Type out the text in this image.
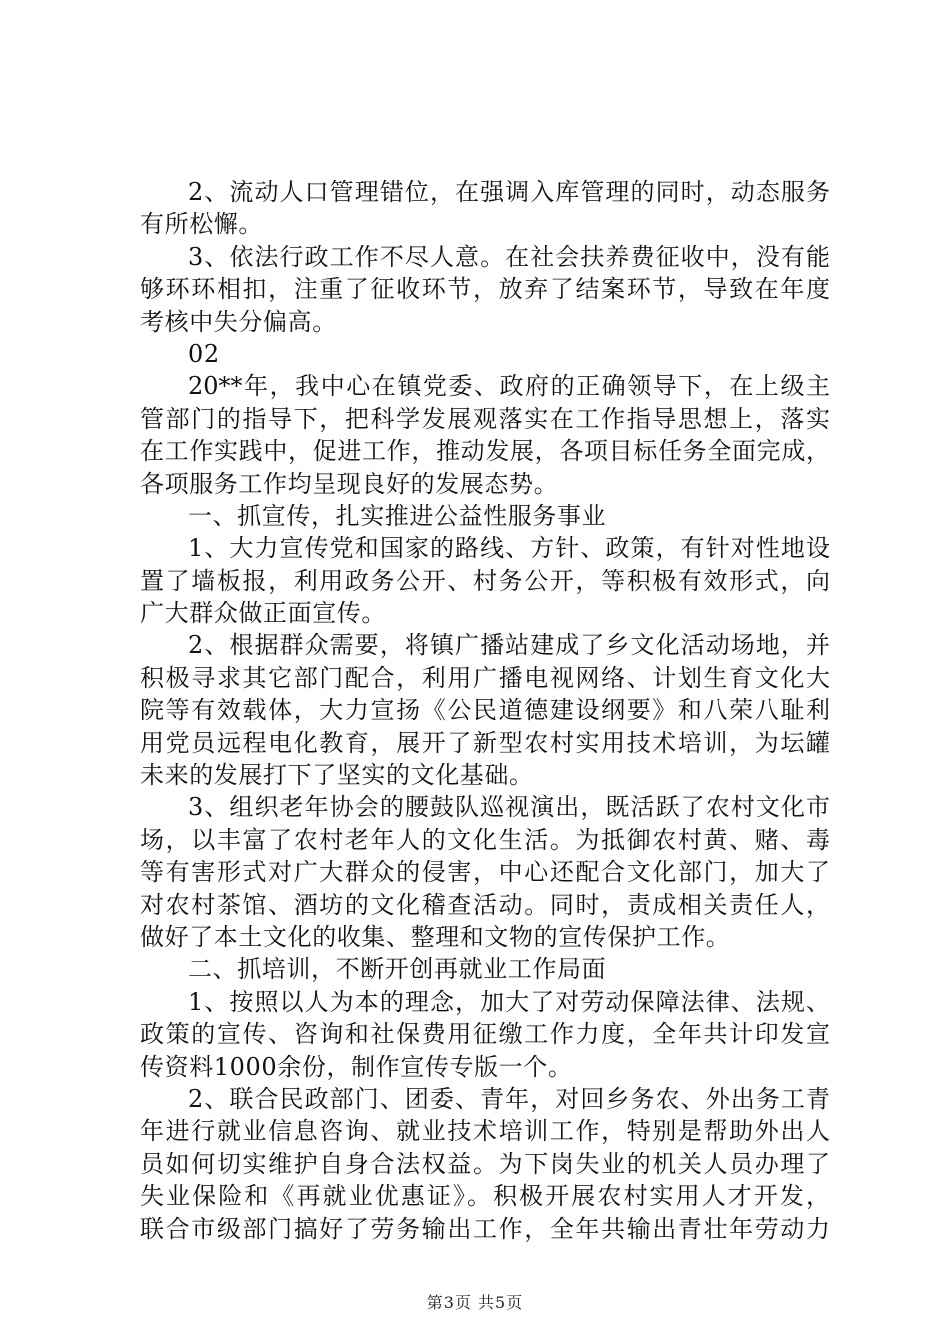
2、流动人口管理错位，在强调入库管理的同时，动态服务
有所松懈。
3、依法行政工作不尽人意。在社会扶养费征收中，没有能
够环环相扣，注重了征收环节，放弃了结案环节，导致在年度
考核中失分偏高。
02
20**年，我中心在镇党委、政府的正确领导下，在上级主
管部门的指导下，把科学发展观落实在工作指导思想上，落实
在工作实践中，促进工作，推动发展，各项目标任务全面完成，
各项服务工作均呈现良好的发展态势。
一、抓宣传，扎实推进公益性服务事业
1、大力宣传党和国家的路线、方针、政策，有针对性地设
置了墙板报，利用政务公开、村务公开，等积极有效形式，向
广大群众做正面宣传。
2、根据群众需要，将镇广播站建成了乡文化活动场地，并
积极寻求其它部门配合，利用广播电视网络、计划生育文化大
院等有效载体，大力宣扬《公民道德建设纲要》和八荣八耻利
用党员远程电化教育，展开了新型农村实用技术培训，为坛罐
未来的发展打下了坚实的文化基础。
3、组织老年协会的腰鼓队巡视演出，既活跃了农村文化市
场，以丰富了农村老年人的文化生活。为抵御农村黄、赌、毒
等有害形式对广大群众的侵害，中心还配合文化部门，加大了
对农村茶馆、酒坊的文化稽查活动。同时，责成相关责任人，
做好了本土文化的收集、整理和文物的宣传保护工作。
二、抓培训，不断开创再就业工作局面
1、按照以人为本的理念，加大了对劳动保障法律、法规、
政策的宣传、咨询和社保费用征缴工作力度，全年共计印发宣
传资料1000余份，制作宣传专版一个。
2、联合民政部门、团委、青年，对回乡务农、外出务工青
年进行就业信息咨询、就业技术培训工作，特别是帮助外出人
员如何切实维护自身合法权益。为下岗失业的机关人员办理了
失业保险和《再就业优惠证》。积极开展农村实用人才开发，
联合市级部门搞好了劳务输出工作，全年共输出青壮年劳动力
第3页 共5页
